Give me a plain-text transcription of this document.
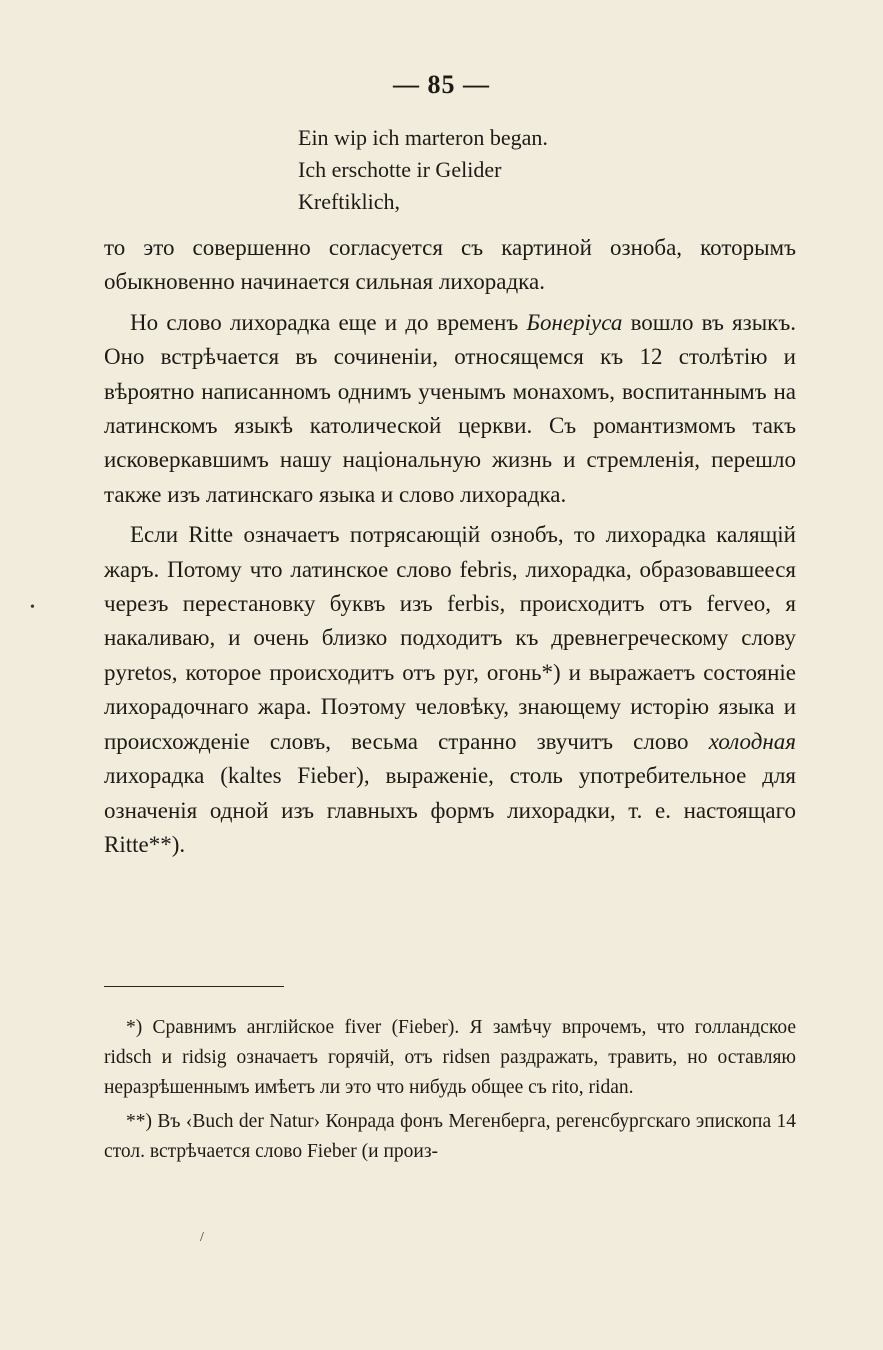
— 85 —
Ein wip ich marteron began.
Ich erschotte ir Gelider
Kreftiklich,

то это совершенно согласуется съ картиной озноба, которымъ обыкновенно начинается сильная лихорадка.

Но слово лихорадка еще и до временъ Бонеріуса вошло въ языкъ. Оно встрѣчается въ сочиненіи, относящемся къ 12 столѣтію и вѣроятно написанномъ однимъ ученымъ монахомъ, воспитаннымъ на латинскомъ языкѣ католической церкви. Съ романтизмомъ такъ исковеркавшимъ нашу національную жизнь и стремленія, перешло также изъ латинскаго языка и слово лихорадка.

Если Ritte означаетъ потрясающій ознобъ, то лихорадка калящій жаръ. Потому что латинское слово febris, лихорадка, образовавшееся черезъ перестановку буквъ изъ ferbis, происходитъ отъ ferveo, я накаливаю, и очень близко подходитъ къ древнегреческому слову pyretos, которое происходитъ отъ pyr, огонь*) и выражаетъ состояніе лихорадочнаго жара. Поэтому человѣку, знающему исторію языка и происхожденіе словъ, весьма странно звучитъ слово холодная лихорадка (kaltes Fieber), выраженіе, столь употребительное для означенія одной изъ главныхъ формъ лихорадки, т. е. настоящаго Ritte**).

*) Сравнимъ англійское fiver (Fieber). Я замѣчу впрочемъ, что голландское ridsch и ridsig означаетъ горячій, отъ ridsen раздражать, травить, но оставляю неразрѣшеннымъ имѣетъ ли это что нибудь общее съ rito, ridan.

**) Въ ‹Buch der Natur› Конрада фонъ Мегенберга, регенсбургскаго эпископа 14 стол. встрѣчается слово Fieber (и произ-

•
/
